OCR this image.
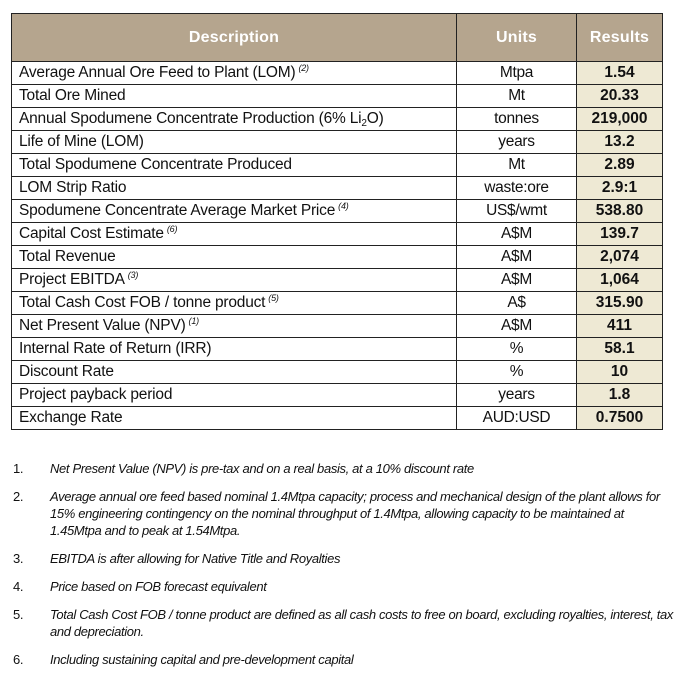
Description	Units	Results
Average Annual Ore Feed to Plant (LOM) $^{(2)}$	Mtpa	1.54
Total Ore Mined	Mt	20.33
Annual Spodumene Concentrate Production (6% $Li_2O$)	tonnes	219,000
Life of Mine (LOM)	years	13.2
Total Spodumene Concentrate Produced	Mt	2.89
LOM Strip Ratio	waste:ore	2.9:1
Spodumene Concentrate Average Market Price $^{(4)}$	US$/wmt	538.80
Capital Cost Estimate $^{(6)}$	A$M	139.7
Total Revenue	A$M	2,074
Project EBITDA $^{(3)}$	A$M	1,064
Total Cash Cost FOB / tonne product $^{(5)}$	A$	315.90
Net Present Value (NPV) $^{(1)}$	A$M	411
Internal Rate of Return (IRR)	%	58.1
Discount Rate	%	10
Project payback period	years	1.8
Exchange Rate	AUD:USD	0.7500
1. Net Present Value (NPV) is pre-tax and on a real basis, at a 10% discount rate
2. Average annual ore feed based nominal 1.4Mtpa capacity; process and mechanical design of the plant allows for 15% engineering contingency on the nominal throughput of 1.4Mtpa, allowing capacity to be maintained at 1.45Mtpa and to peak at 1.54Mtpa.
3. EBITDA is after allowing for Native Title and Royalties
4. Price based on FOB forecast equivalent
5. Total Cash Cost FOB / tonne product are defined as all cash costs to free on board, excluding royalties, interest, tax and depreciation.
6. Including sustaining capital and pre-development capital
